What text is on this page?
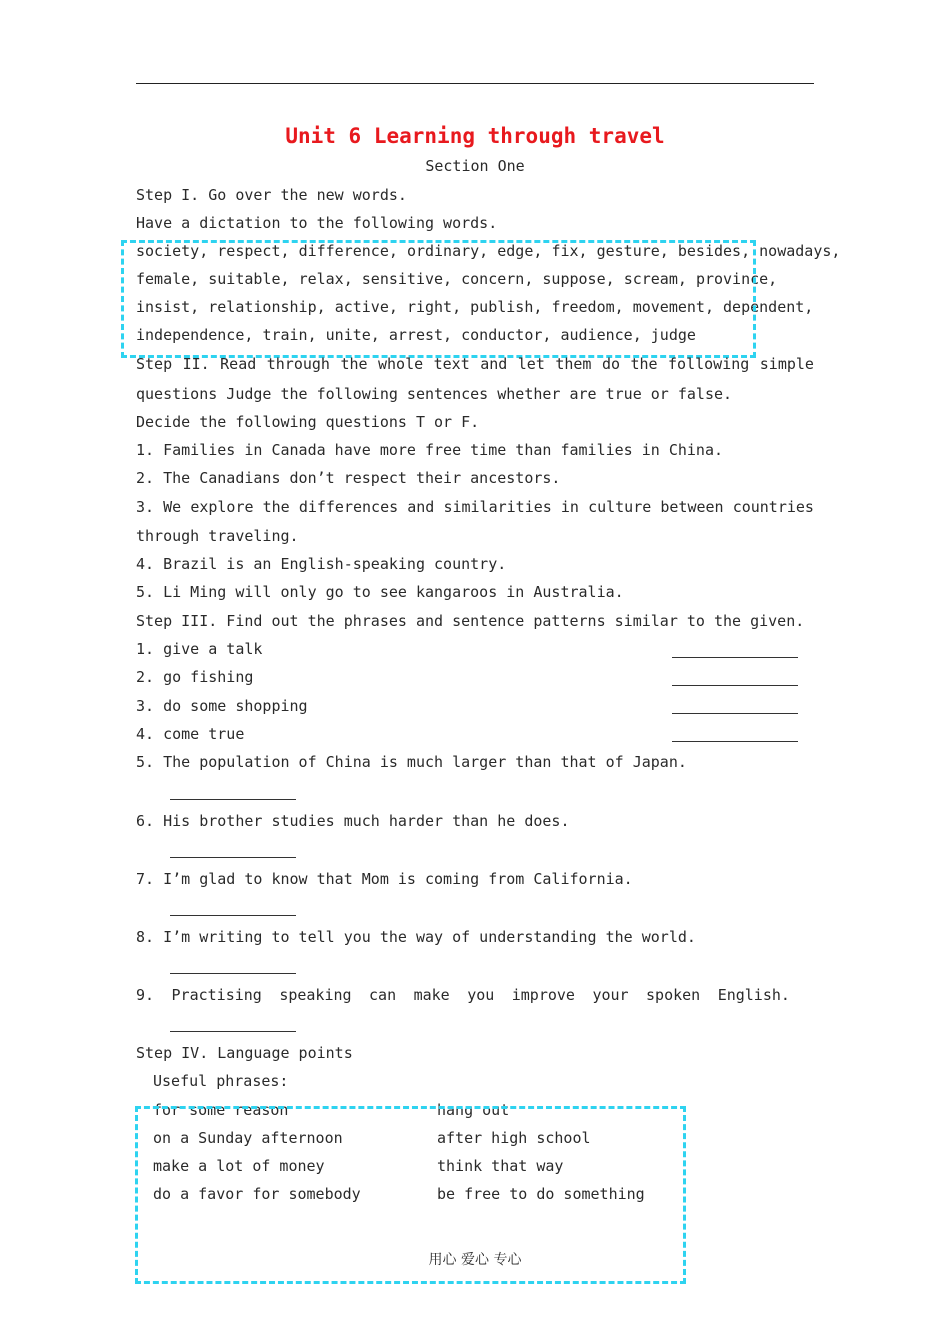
Unit 6 Learning through travel
Section One
Step I. Go over the new words.
Have a dictation to the following words.
society, respect, difference, ordinary, edge, fix, gesture, besides, nowadays,
female, suitable, relax, sensitive, concern, suppose, scream, province,
insist, relationship, active, right, publish, freedom, movement, dependent,
independence, train, unite, arrest, conductor, audience, judge
Step II. Read through the whole text and let them do the following simple
questions Judge the following sentences whether are true or false.
Decide the following questions T or F.
1. Families in Canada have more free time than families in China.
2. The Canadians don’t respect their ancestors.
3. We explore the differences and similarities in culture between countries
through traveling.
4. Brazil is an English-speaking country.
5. Li Ming will only go to see kangaroos in Australia.
Step III. Find out the phrases and sentence patterns similar to the given.
1. give a talk
2. go fishing
3. do some shopping
4. come true
5. The population of China is much larger than that of Japan.
6. His brother studies much harder than he does.
7. I’m glad to know that Mom is coming from California.
8. I’m writing to tell you the way of understanding the world.
9. Practising speaking can make you improve your spoken English.
Step IV. Language points
Useful phrases:
for some reason	hang out
on a Sunday afternoon	after high school
make a lot of money	think that way
do a favor for somebody	be free to do something
用心 爱心 专心
